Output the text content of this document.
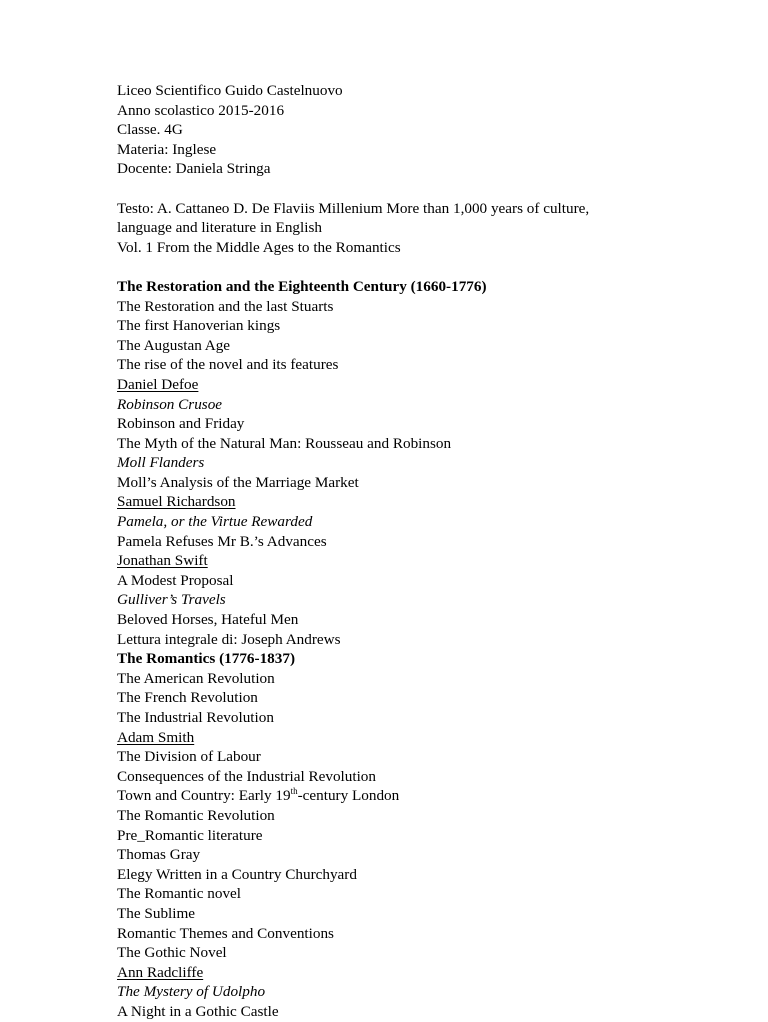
Liceo Scientifico Guido Castelnuovo
Anno scolastico 2015-2016
Classe. 4G
Materia: Inglese
Docente: Daniela Stringa
Testo: A. Cattaneo D. De Flaviis Millenium More than 1,000 years of culture,
language and literature in English
Vol. 1 From the Middle Ages to the Romantics
The Restoration and the Eighteenth Century (1660-1776)
The Restoration and the last Stuarts
The first Hanoverian kings
The Augustan Age
The rise of the novel and its features
Daniel Defoe
Robinson Crusoe
Robinson and Friday
The Myth of the Natural Man: Rousseau and Robinson
Moll Flanders
Moll’s Analysis of the Marriage Market
Samuel Richardson
Pamela, or the Virtue Rewarded
Pamela Refuses Mr B.’s Advances
Jonathan Swift
A Modest Proposal
Gulliver’s Travels
Beloved Horses, Hateful Men
Lettura integrale di: Joseph Andrews
The Romantics (1776-1837)
The American Revolution
The French Revolution
The Industrial Revolution
Adam Smith
The Division of Labour
Consequences of the Industrial Revolution
Town and Country: Early 19th-century London
The Romantic Revolution
Pre_Romantic literature
Thomas Gray
Elegy Written in a Country Churchyard
The Romantic novel
The Sublime
Romantic Themes and Conventions
The Gothic Novel
Ann Radcliffe
The Mystery of Udolpho
A Night in a Gothic Castle
